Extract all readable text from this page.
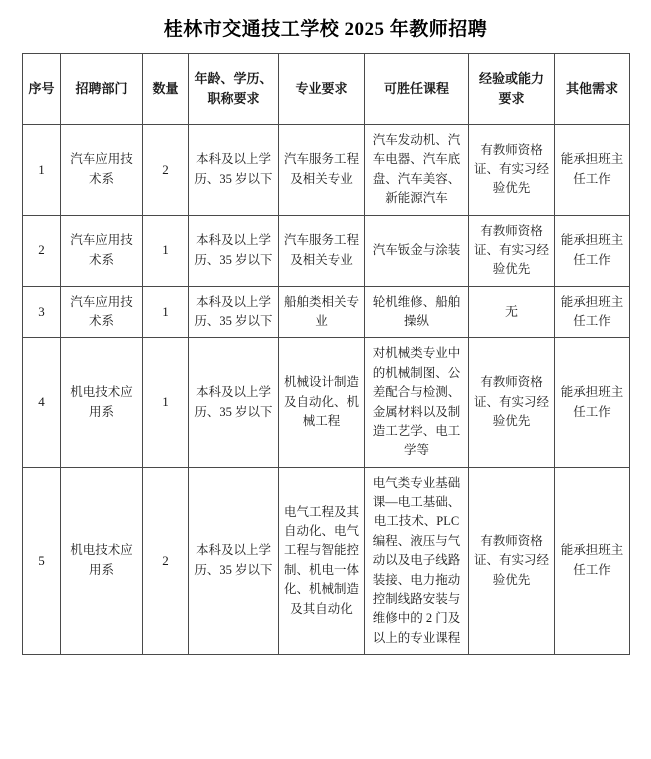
桂林市交通技工学校 2025 年教师招聘
序号	招聘部门	数量	年龄、学历、职称要求	专业要求	可胜任课程	经验或能力要求	其他需求
1	汽车应用技术系	2	本科及以上学历、35 岁以下	汽车服务工程及相关专业	汽车发动机、汽车电器、汽车底盘、汽车美容、新能源汽车	有教师资格证、有实习经验优先	能承担班主任工作
2	汽车应用技术系	1	本科及以上学历、35 岁以下	汽车服务工程及相关专业	汽车钣金与涂装	有教师资格证、有实习经验优先	能承担班主任工作
3	汽车应用技术系	1	本科及以上学历、35 岁以下	船舶类相关专业	轮机维修、船舶操纵	无	能承担班主任工作
4	机电技术应用系	1	本科及以上学历、35 岁以下	机械设计制造及自动化、机械工程	对机械类专业中的机械制图、公差配合与检测、金属材料以及制造工艺学、电工学等	有教师资格证、有实习经验优先	能承担班主任工作
5	机电技术应用系	2	本科及以上学历、35 岁以下	电气工程及其自动化、电气工程与智能控制、机电一体化、机械制造及其自动化	电气类专业基础课—电工基础、电工技术、PLC 编程、液压与气动以及电子线路装接、电力拖动控制线路安装与维修中的 2 门及以上的专业课程	有教师资格证、有实习经验优先	能承担班主任工作
